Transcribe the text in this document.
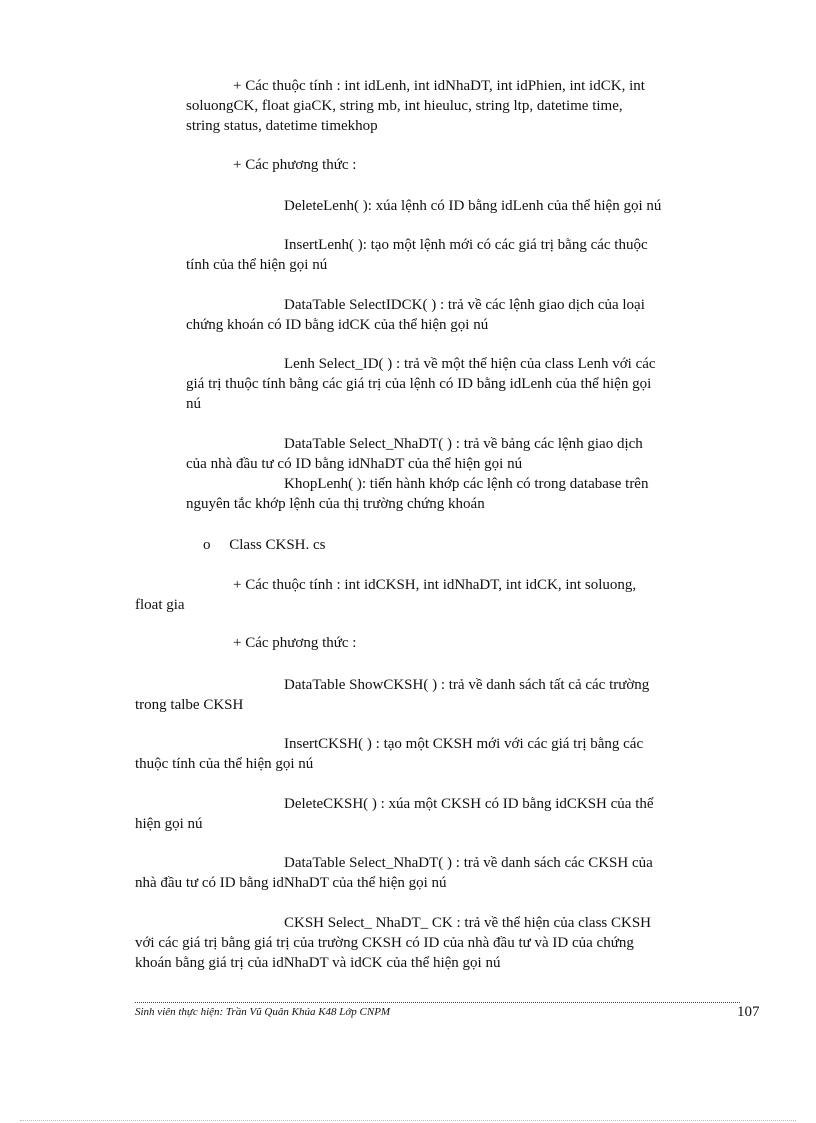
+ Các thuộc tính : int idLenh, int idNhaDT, int idPhien, int idCK, int
soluongCK, float giaCK, string mb, int hieuluc, string ltp, datetime time,
string status, datetime timekhop
+ Các phương thức :
DeleteLenh( ): xúa lệnh có ID bằng idLenh của thể hiện gọi nú
InsertLenh( ): tạo một lệnh mới có các giá trị bằng các thuộc
tính của thể hiện gọi nú
DataTable SelectIDCK( ) : trả về các lệnh giao dịch của loại
chứng khoán có ID bằng idCK của thể hiện gọi nú
Lenh Select_ID( ) : trả về một thể hiện của class Lenh với các
giá trị thuộc tính bằng các giá trị của lệnh có ID bằng idLenh của thể hiện gọi
nú
DataTable Select_NhaDT( ) : trả về bảng các lệnh giao dịch
của nhà đầu tư có ID bằng idNhaDT của thể hiện gọi nú
KhopLenh( ): tiến hành khớp các lệnh có trong database trên
nguyên tắc khớp lệnh của thị trường chứng khoán
o     Class CKSH. cs
+ Các thuộc tính : int idCKSH, int idNhaDT, int idCK, int soluong,
float gia
+ Các phương thức :
DataTable ShowCKSH( ) : trả về danh sách tất cả các trường
trong talbe CKSH
InsertCKSH( ) : tạo một CKSH mới với các giá trị bằng các
thuộc tính của thể hiện gọi nú
DeleteCKSH( ) : xúa một CKSH có ID bằng idCKSH của thể
hiện gọi nú
DataTable Select_NhaDT( ) : trả về danh sách các CKSH của
nhà đầu tư có ID bằng idNhaDT của thể hiện gọi nú
CKSH Select_ NhaDT_ CK : trả về thể hiện của class CKSH
với các giá trị bằng giá trị của trường CKSH có ID của nhà đầu tư và ID của chứng
khoán bằng giá trị của idNhaDT và idCK của thể hiện gọi nú
Sinh viên thực hiện: Trần Vũ Quân Khúa K48 Lớp CNPM	107
